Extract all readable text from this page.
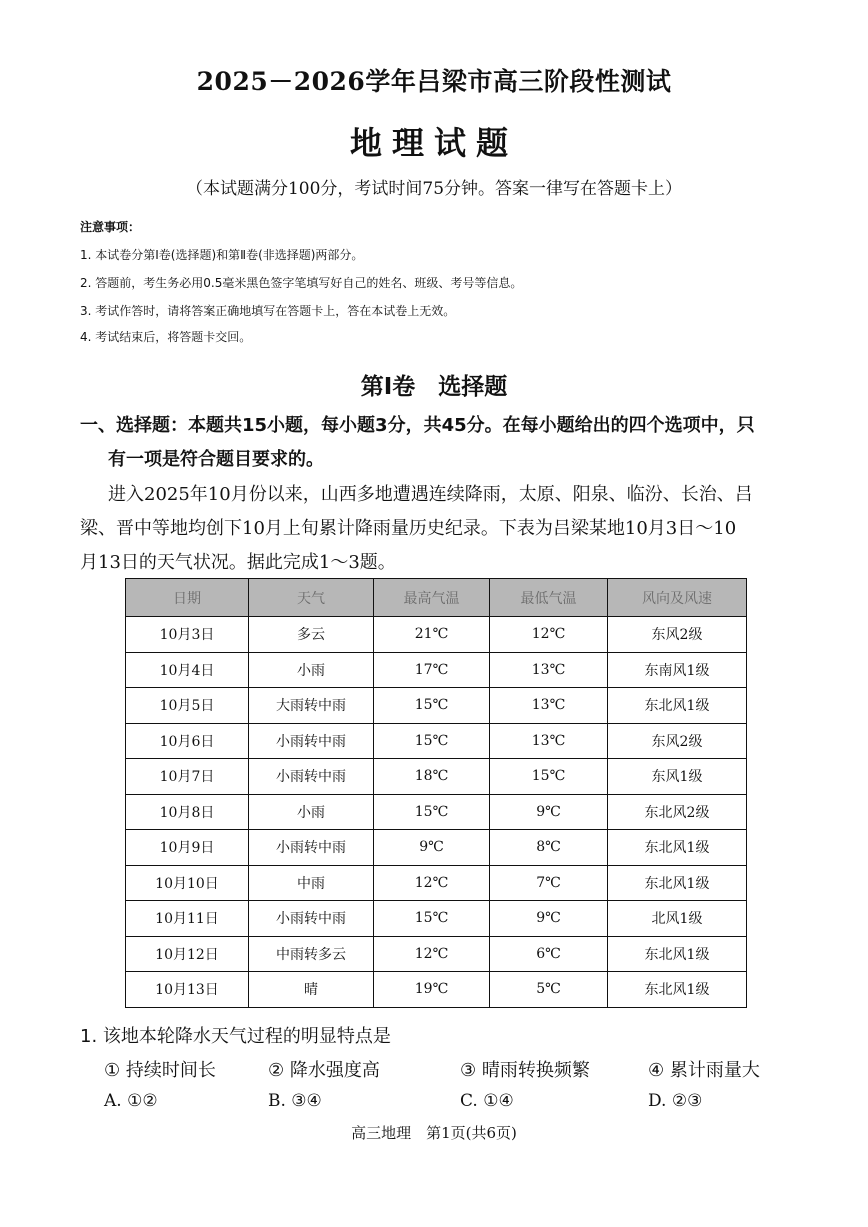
2025－2026学年吕梁市高三阶段性测试
地理试题
（本试题满分100分，考试时间75分钟。答案一律写在答题卡上）
注意事项：
1. 本试卷分第Ⅰ卷(选择题)和第Ⅱ卷(非选择题)两部分。
2. 答题前，考生务必用0.5毫米黑色签字笔填写好自己的姓名、班级、考号等信息。
3. 考试作答时，请将答案正确地填写在答题卡上，答在本试卷上无效。
4. 考试结束后，将答题卡交回。
第Ⅰ卷　选择题
一、选择题：本题共15小题，每小题3分，共45分。在每小题给出的四个选项中，只
有一项是符合题目要求的。
进入2025年10月份以来，山西多地遭遇连续降雨，太原、阳泉、临汾、长治、吕
梁、晋中等地均创下10月上旬累计降雨量历史纪录。下表为吕梁某地10月3日～10
月13日的天气状况。据此完成1～3题。
日期	天气	最高气温	最低气温	风向及风速
10月3日	多云	21℃	12℃	东风2级
10月4日	小雨	17℃	13℃	东南风1级
10月5日	大雨转中雨	15℃	13℃	东北风1级
10月6日	小雨转中雨	15℃	13℃	东风2级
10月7日	小雨转中雨	18℃	15℃	东风1级
10月8日	小雨	15℃	9℃	东北风2级
10月9日	小雨转中雨	9℃	8℃	东北风1级
10月10日	中雨	12℃	7℃	东北风1级
10月11日	小雨转中雨	15℃	9℃	北风1级
10月12日	中雨转多云	12℃	6℃	东北风1级
10月13日	晴	19℃	5℃	东北风1级
1. 该地本轮降水天气过程的明显特点是
① 持续时间长	② 降水强度高	③ 晴雨转换频繁	④ 累计雨量大
A. ①②	B. ③④	C. ①④	D. ②③
高三地理　第1页(共6页)
